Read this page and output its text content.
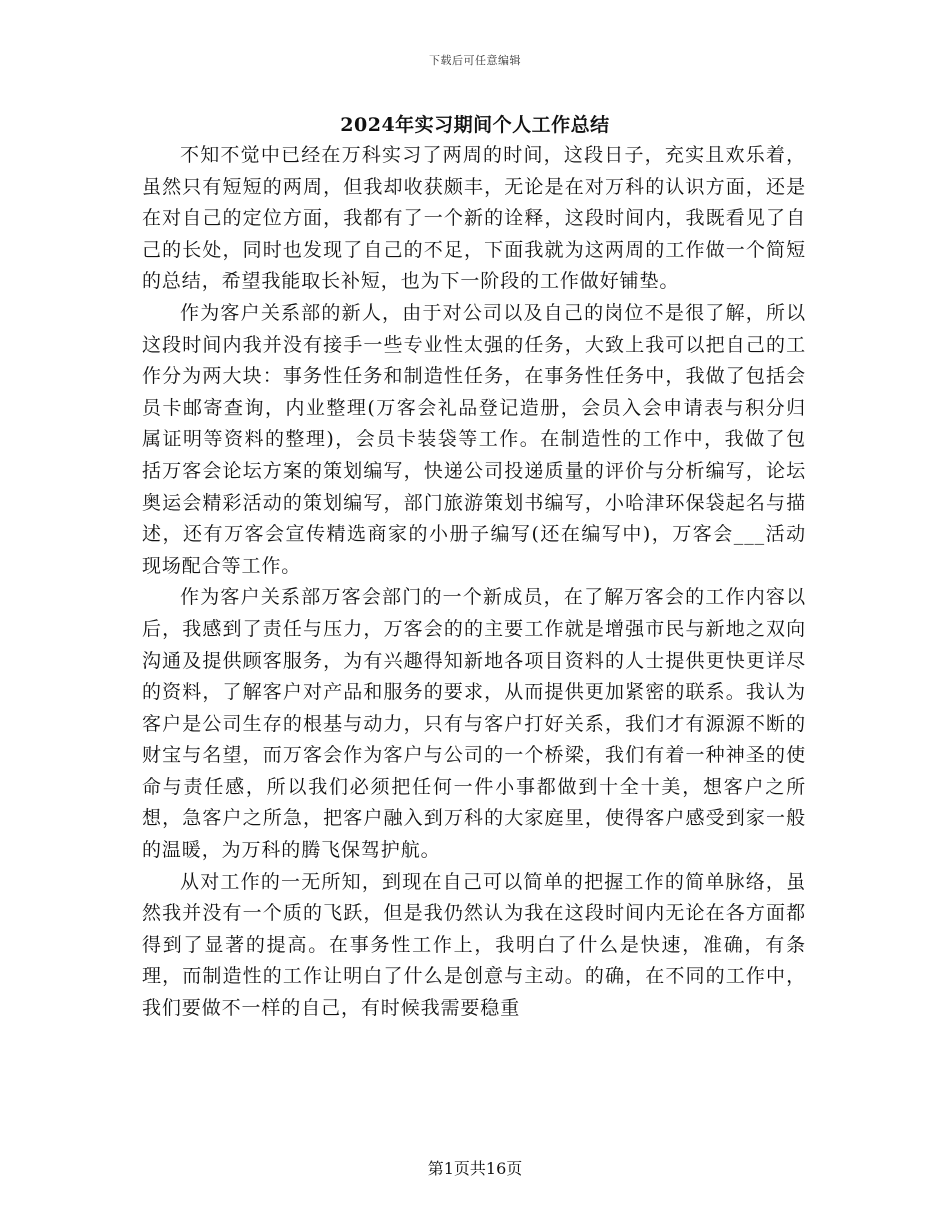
下载后可任意编辑
2024年实习期间个人工作总结

不知不觉中已经在万科实习了两周的时间，这段日子，充实且欢乐着，虽然只有短短的两周，但我却收获颇丰，无论是在对万科的认识方面，还是在对自己的定位方面，我都有了一个新的诠释，这段时间内，我既看见了自己的长处，同时也发现了自己的不足，下面我就为这两周的工作做一个简短的总结，希望我能取长补短，也为下一阶段的工作做好铺垫。

作为客户关系部的新人，由于对公司以及自己的岗位不是很了解，所以这段时间内我并没有接手一些专业性太强的任务，大致上我可以把自己的工作分为两大块：事务性任务和制造性任务，在事务性任务中，我做了包括会员卡邮寄查询，内业整理(万客会礼品登记造册，会员入会申请表与积分归属证明等资料的整理)，会员卡装袋等工作。在制造性的工作中，我做了包括万客会论坛方案的策划编写，快递公司投递质量的评价与分析编写，论坛奥运会精彩活动的策划编写，部门旅游策划书编写，小哈津环保袋起名与描述，还有万客会宣传精选商家的小册子编写(还在编写中)，万客会___活动现场配合等工作。

作为客户关系部万客会部门的一个新成员，在了解万客会的工作内容以后，我感到了责任与压力，万客会的的主要工作就是增强市民与新地之双向沟通及提供顾客服务，为有兴趣得知新地各项目资料的人士提供更快更详尽的资料，了解客户对产品和服务的要求，从而提供更加紧密的联系。我认为客户是公司生存的根基与动力，只有与客户打好关系，我们才有源源不断的财宝与名望，而万客会作为客户与公司的一个桥梁，我们有着一种神圣的使命与责任感，所以我们必须把任何一件小事都做到十全十美，想客户之所想，急客户之所急，把客户融入到万科的大家庭里，使得客户感受到家一般的温暖，为万科的腾飞保驾护航。

从对工作的一无所知，到现在自己可以简单的把握工作的简单脉络，虽然我并没有一个质的飞跃，但是我仍然认为我在这段时间内无论在各方面都得到了显著的提高。在事务性工作上，我明白了什么是快速，准确，有条理，而制造性的工作让明白了什么是创意与主动。的确，在不同的工作中，我们要做不一样的自己，有时候我需要稳重

第1页共16页
